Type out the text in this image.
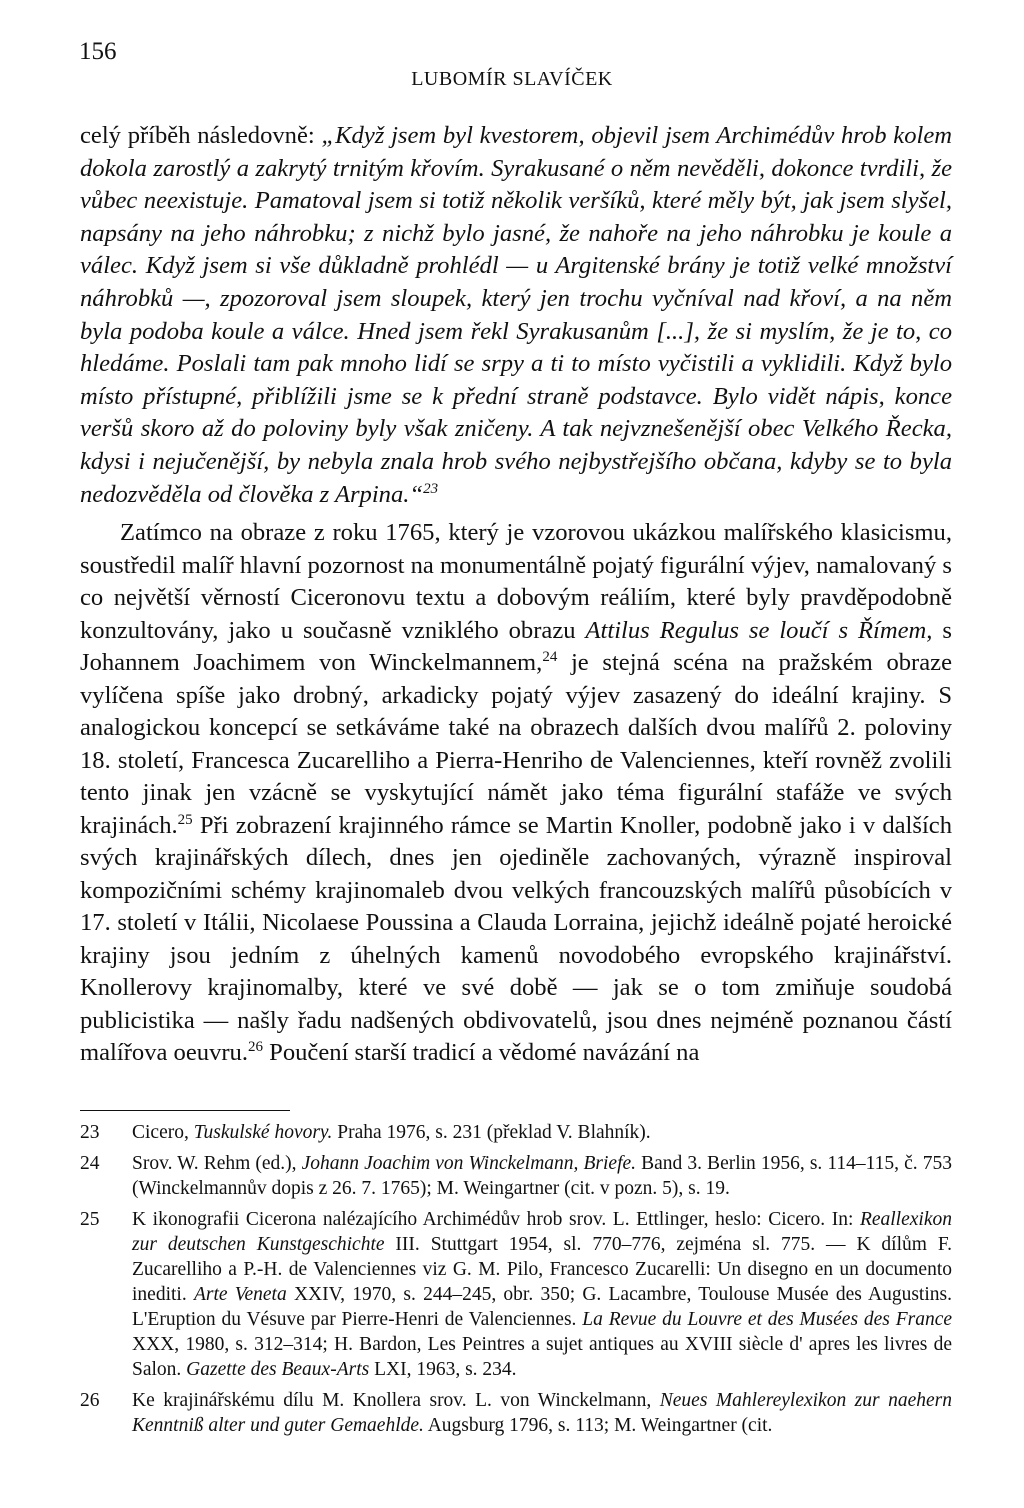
156
LUBOMÍR SLAVÍČEK
celý příběh následovně: „Když jsem byl kvestorem, objevil jsem Archimédův hrob kolem dokola zarostlý a zakrytý trnitým křovím. Syrakusané o něm nevěděli, dokonce tvrdili, že vůbec neexistuje. Pamatoval jsem si totiž několik veršíků, které měly být, jak jsem slyšel, napsány na jeho náhrobku; z nichž bylo jasné, že nahoře na jeho náhrobku je koule a válec. Když jsem si vše důkladně prohlédl — u Argitenské brány je totiž velké množství náhrobků —, zpozoroval jsem sloupek, který jen trochu vyčníval nad křoví, a na něm byla podoba koule a válce. Hned jsem řekl Syrakusanům [...], že si myslím, že je to, co hledáme. Poslali tam pak mnoho lidí se srpy a ti to místo vyčistili a vyklidili. Když bylo místo přístupné, přiblížili jsme se k přední straně podstavce. Bylo vidět nápis, konce veršů skoro až do poloviny byly však zničeny. A tak nejvznešenější obec Velkého Řecka, kdysi i nejučenější, by nebyla znala hrob svého nejbystřejšího občana, kdyby se to byla nedozvěděla od člověka z Arpina.“$^{23}$

Zatímco na obraze z roku 1765, který je vzorovou ukázkou malířského klasicismu, soustředil malíř hlavní pozornost na monumentálně pojatý figurální výjev, namalovaný s co největší věrností Ciceronovu textu a dobovým reáliím, které byly pravděpodobně konzultovány, jako u současně vzniklého obrazu Attilus Regulus se loučí s Římem, s Johannem Joachimem von Winckelmannem,$^{24}$ je stejná scéna na pražském obraze vylíčena spíše jako drobný, arkadicky pojatý výjev zasazený do ideální krajiny. S analogickou koncepcí se setkáváme také na obrazech dalších dvou malířů 2. poloviny 18. století, Francesca Zucarelliho a Pierra-Henriho de Valenciennes, kteří rovněž zvolili tento jinak jen vzácně se vyskytující námět jako téma figurální stafáže ve svých krajinách.$^{25}$ Při zobrazení krajinného rámce se Martin Knoller, podobně jako i v dalších svých krajinářských dílech, dnes jen ojediněle zachovaných, výrazně inspiroval kompozičními schémy krajinomaleb dvou velkých francouzských malířů působících v 17. století v Itálii, Nicolaese Poussina a Clauda Lorraina, jejichž ideálně pojaté heroické krajiny jsou jedním z úhelných kamenů novodobého evropského krajinářství. Knollerovy krajinomalby, které ve své době — jak se o tom zmiňuje soudobá publicistika — našly řadu nadšených obdivovatelů, jsou dnes nejméně poznanou částí malířova oeuvru.$^{26}$ Poučení starší tradicí a vědomé navázání na

23	Cicero, Tuskulské hovory. Praha 1976, s. 231 (překlad V. Blahník).
24	Srov. W. Rehm (ed.), Johann Joachim von Winckelmann, Briefe. Band 3. Berlin 1956, s. 114–115, č. 753 (Winckelmannův dopis z 26. 7. 1765); M. Weingartner (cit. v pozn. 5), s. 19.
25	K ikonografii Cicerona nalézajícího Archimédův hrob srov. L. Ettlinger, heslo: Cicero. In: Reallexikon zur deutschen Kunstgeschichte III. Stuttgart 1954, sl. 770–776, zejména sl. 775. — K dílům F. Zucarelliho a P.-H. de Valenciennes viz G. M. Pilo, Francesco Zucarelli: Un disegno en un documento inediti. Arte Veneta XXIV, 1970, s. 244–245, obr. 350; G. Lacambre, Toulouse Musée des Augustins. L'Eruption du Vésuve par Pierre-Henri de Valenciennes. La Revue du Louvre et des Musées des France XXX, 1980, s. 312–314; H. Bardon, Les Peintres a sujet antiques au XVIII siècle d' apres les livres de Salon. Gazette des Beaux-Arts LXI, 1963, s. 234.
26	Ke krajinářskému dílu M. Knollera srov. L. von Winckelmann, Neues Mahlereylexikon zur naehern Kenntniß alter und guter Gemaehlde. Augsburg 1796, s. 113; M. Weingartner (cit.
